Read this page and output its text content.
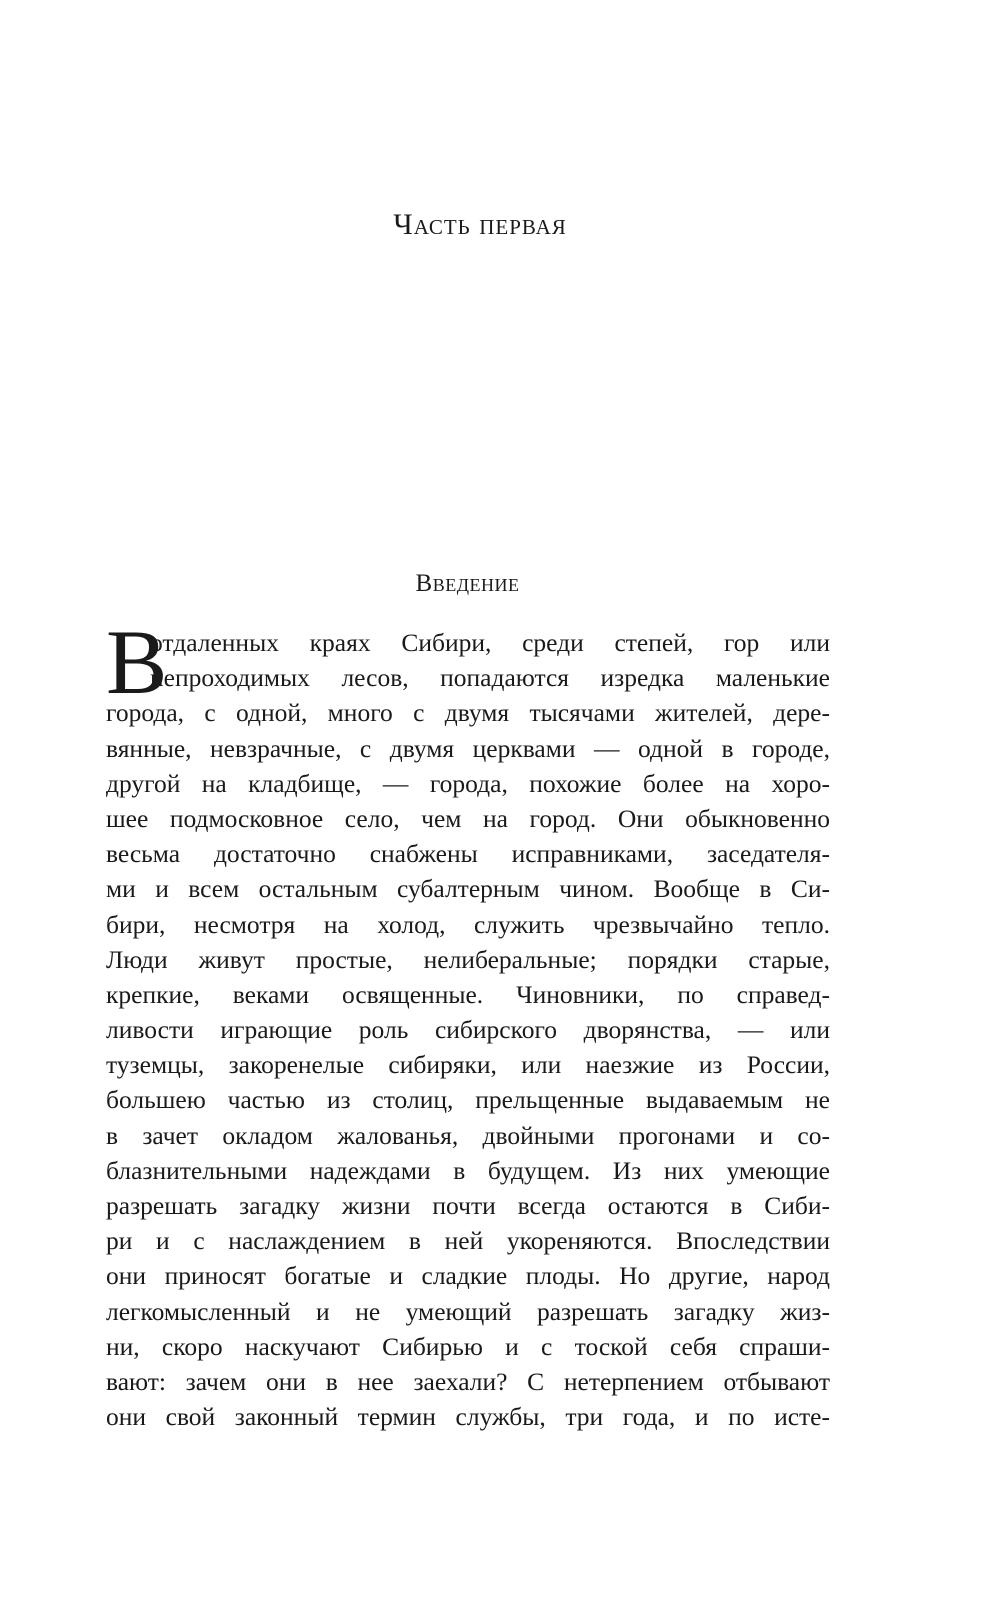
Часть первая
Введение
В
отдаленных краях Сибири, среди степей, гор или
непроходимых лесов, попадаются изредка маленькие
города, с одной, много с двумя тысячами жителей, дере-
вянные, невзрачные, с двумя церквами — одной в городе,
другой на кладбище, — города, похожие более на хоро-
шее подмосковное село, чем на город. Они обыкновенно
весьма достаточно снабжены исправниками, заседателя-
ми и всем остальным субалтерным чином. Вообще в Си-
бири, несмотря на холод, служить чрезвычайно тепло.
Люди живут простые, нелиберальные; порядки старые,
крепкие, веками освященные. Чиновники, по справед-
ливости играющие роль сибирского дворянства, — или
туземцы, закоренелые сибиряки, или наезжие из России,
большею частью из столиц, прельщенные выдаваемым не
в зачет окладом жалованья, двойными прогонами и со-
блазнительными надеждами в будущем. Из них умеющие
разрешать загадку жизни почти всегда остаются в Сиби-
ри и с наслаждением в ней укореняются. Впоследствии
они приносят богатые и сладкие плоды. Но другие, народ
легкомысленный и не умеющий разрешать загадку жиз-
ни, скоро наскучают Сибирью и с тоской себя спраши-
вают: зачем они в нее заехали? С нетерпением отбывают
они свой законный термин службы, три года, и по исте-
